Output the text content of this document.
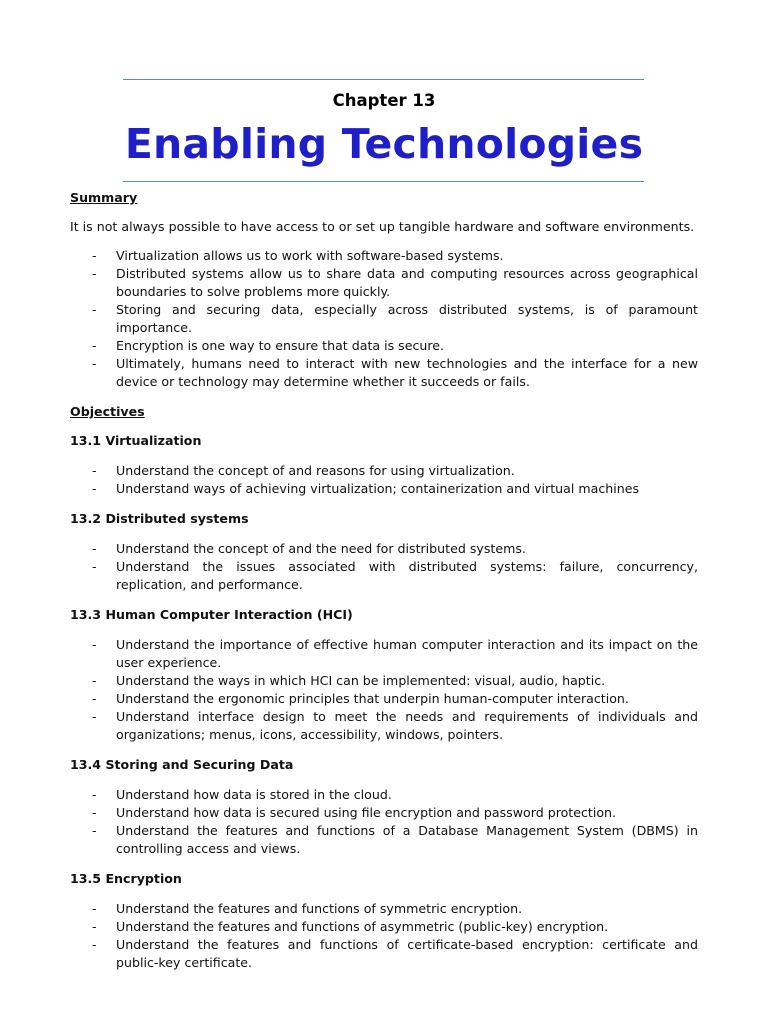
Chapter 13
Enabling Technologies

Summary

It is not always possible to have access to or set up tangible hardware and software environments.

- Virtualization allows us to work with software-based systems.
- Distributed systems allow us to share data and computing resources across geographical boundaries to solve problems more quickly.
- Storing and securing data, especially across distributed systems, is of paramount importance.
- Encryption is one way to ensure that data is secure.
- Ultimately, humans need to interact with new technologies and the interface for a new device or technology may determine whether it succeeds or fails.

Objectives

13.1 Virtualization

- Understand the concept of and reasons for using virtualization.
- Understand ways of achieving virtualization; containerization and virtual machines

13.2 Distributed systems

- Understand the concept of and the need for distributed systems.
- Understand the issues associated with distributed systems: failure, concurrency, replication, and performance.

13.3 Human Computer Interaction (HCI)

- Understand the importance of effective human computer interaction and its impact on the user experience.
- Understand the ways in which HCI can be implemented: visual, audio, haptic.
- Understand the ergonomic principles that underpin human-computer interaction.
- Understand interface design to meet the needs and requirements of individuals and organizations; menus, icons, accessibility, windows, pointers.

13.4 Storing and Securing Data

- Understand how data is stored in the cloud.
- Understand how data is secured using file encryption and password protection.
- Understand the features and functions of a Database Management System (DBMS) in controlling access and views.

13.5 Encryption

- Understand the features and functions of symmetric encryption.
- Understand the features and functions of asymmetric (public-key) encryption.
- Understand the features and functions of certificate-based encryption: certificate and public-key certificate.
